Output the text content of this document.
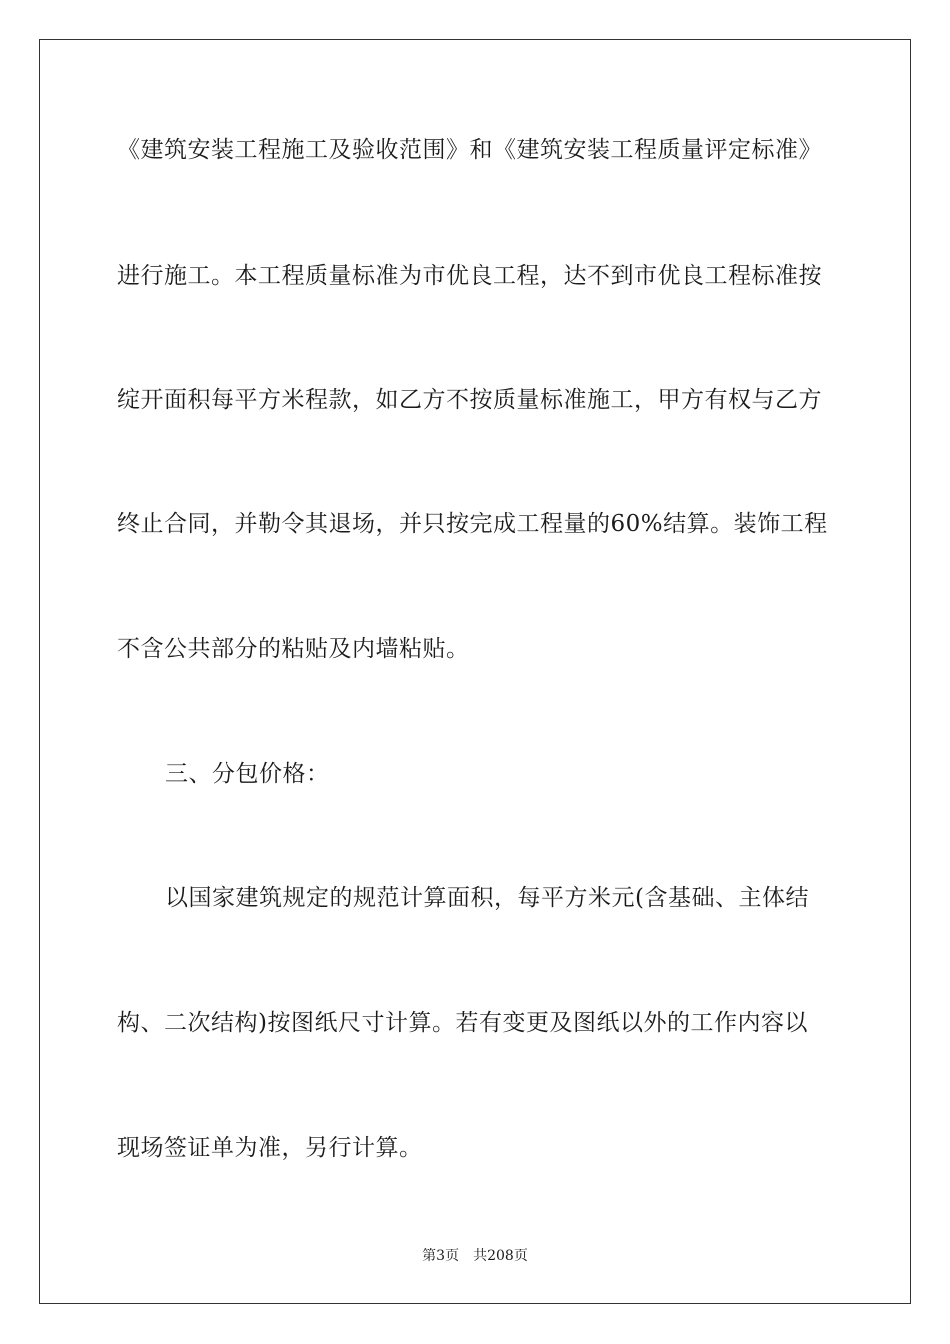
《建筑安装工程施工及验收范围》和《建筑安装工程质量评定标准》
进行施工。本工程质量标准为市优良工程，达不到市优良工程标准按
绽开面积每平方米程款，如乙方不按质量标准施工，甲方有权与乙方
终止合同，并勒令其退场，并只按完成工程量的60%结算。装饰工程
不含公共部分的粘贴及内墙粘贴。
三、分包价格：
以国家建筑规定的规范计算面积，每平方米元(含基础、主体结
构、二次结构)按图纸尺寸计算。若有变更及图纸以外的工作内容以
现场签证单为准，另行计算。
第3页 共208页
